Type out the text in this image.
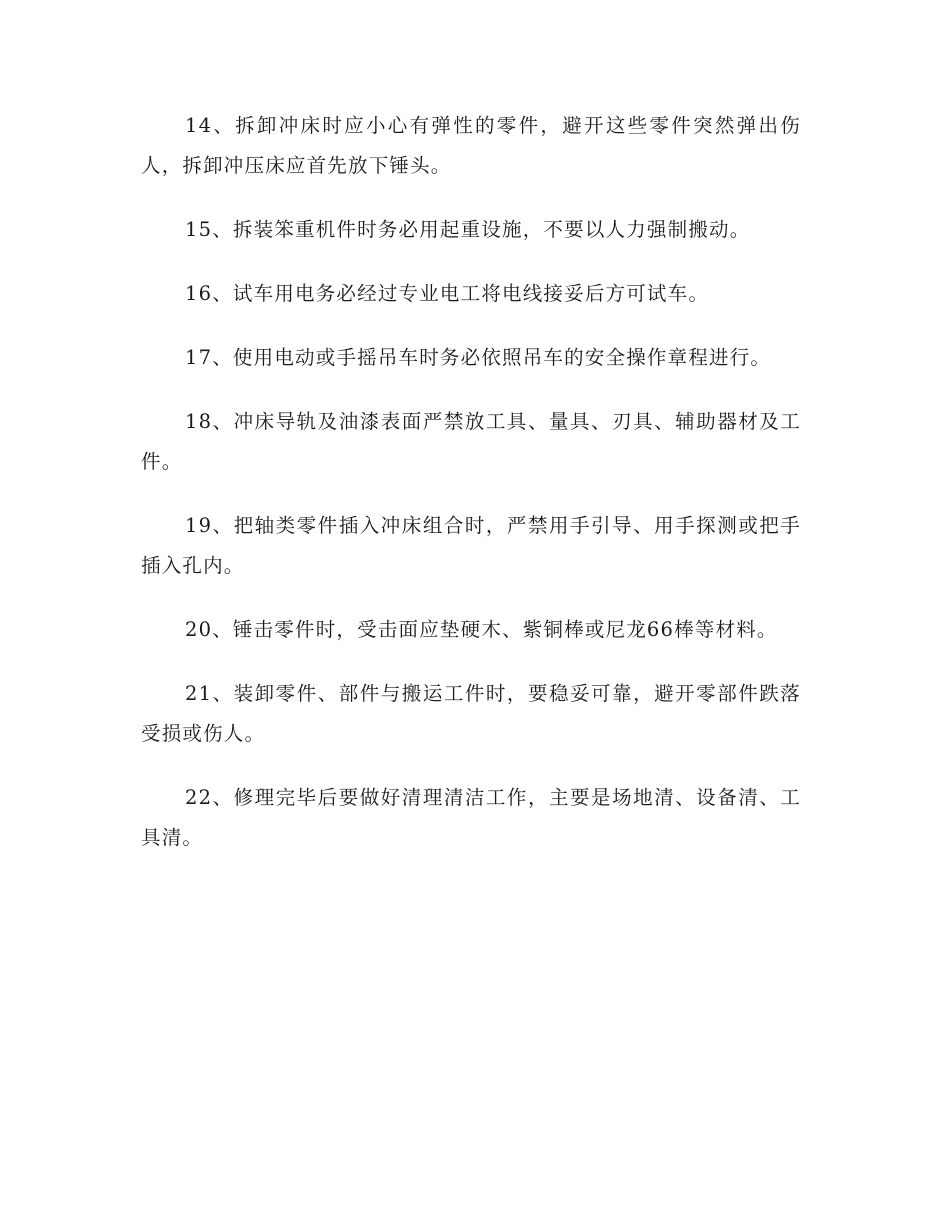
14、拆卸冲床时应小心有弹性的零件，避开这些零件突然弹出伤人，拆卸冲压床应首先放下锤头。

15、拆装笨重机件时务必用起重设施，不要以人力强制搬动。

16、试车用电务必经过专业电工将电线接妥后方可试车。

17、使用电动或手摇吊车时务必依照吊车的安全操作章程进行。

18、冲床导轨及油漆表面严禁放工具、量具、刃具、辅助器材及工件。

19、把轴类零件插入冲床组合时，严禁用手引导、用手探测或把手插入孔内。

20、锤击零件时，受击面应垫硬木、紫铜棒或尼龙66棒等材料。

21、装卸零件、部件与搬运工件时，要稳妥可靠，避开零部件跌落受损或伤人。

22、修理完毕后要做好清理清洁工作，主要是场地清、设备清、工具清。
